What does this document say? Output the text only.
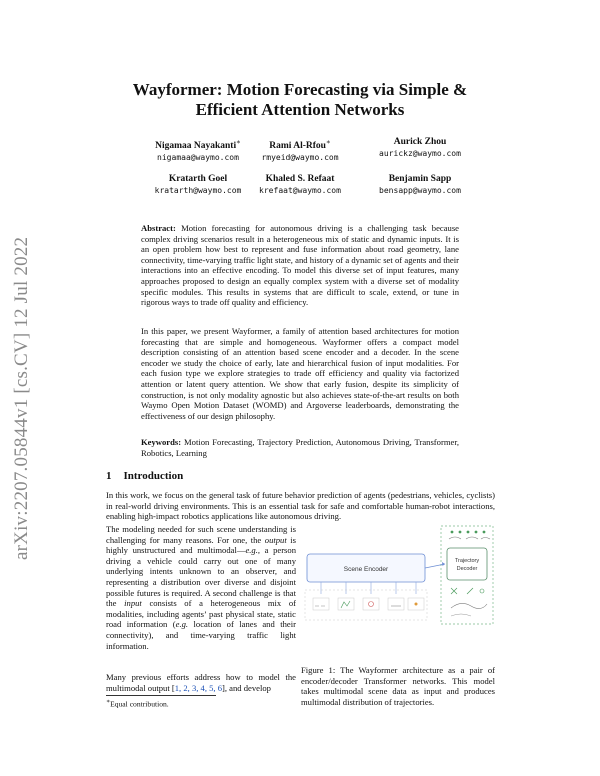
arXiv:2207.05844v1 [cs.CV] 12 Jul 2022
Wayformer: Motion Forecasting via Simple &
Efficient Attention Networks
Nigamaa Nayakanti∗
nigamaa@waymo.com
Rami Al-Rfou∗
rmyeid@waymo.com
Aurick Zhou
aurickz@waymo.com
Kratarth Goel
kratarth@waymo.com
Khaled S. Refaat
krefaat@waymo.com
Benjamin Sapp
bensapp@waymo.com
Abstract: Motion forecasting for autonomous driving is a challenging task because complex driving scenarios result in a heterogeneous mix of static and dynamic inputs. It is an open problem how best to represent and fuse information about road geometry, lane connectivity, time-varying traffic light state, and history of a dynamic set of agents and their interactions into an effective encoding. To model this diverse set of input features, many approaches proposed to design an equally complex system with a diverse set of modality specific modules. This results in systems that are difficult to scale, extend, or tune in rigorous ways to trade off quality and efficiency.
In this paper, we present Wayformer, a family of attention based architectures for motion forecasting that are simple and homogeneous. Wayformer offers a compact model description consisting of an attention based scene encoder and a decoder. In the scene encoder we study the choice of early, late and hierarchical fusion of input modalities. For each fusion type we explore strategies to trade off efficiency and quality via factorized attention or latent query attention. We show that early fusion, despite its simplicity of construction, is not only modality agnostic but also achieves state-of-the-art results on both Waymo Open Motion Dataset (WOMD) and Argoverse leaderboards, demonstrating the effectiveness of our design philosophy.
Keywords: Motion Forecasting, Trajectory Prediction, Autonomous Driving, Transformer, Robotics, Learning
1 Introduction
In this work, we focus on the general task of future behavior prediction of agents (pedestrians, vehicles, cyclists) in real-world driving environments. This is an essential task for safe and comfortable human-robot interactions, enabling high-impact robotics applications like autonomous driving.
The modeling needed for such scene understanding is challenging for many reasons. For one, the output is highly unstructured and multimodal—e.g., a person driving a vehicle could carry out one of many underlying intents unknown to an observer, and representing a distribution over diverse and disjoint possible futures is required. A second challenge is that the input consists of a heterogeneous mix of modalities, including agents’ past physical state, static road information (e.g. location of lanes and their connectivity), and time-varying traffic light information.
Many previous efforts address how to model the multimodal output [1, 2, 3, 4, 5, 6], and develop
Trajectory
Decoder
Scene Encoder
Figure 1: The Wayformer architecture as a pair of encoder/decoder Transformer networks. This model takes multimodal scene data as input and produces multimodal distribution of trajectories.
∗Equal contribution.
